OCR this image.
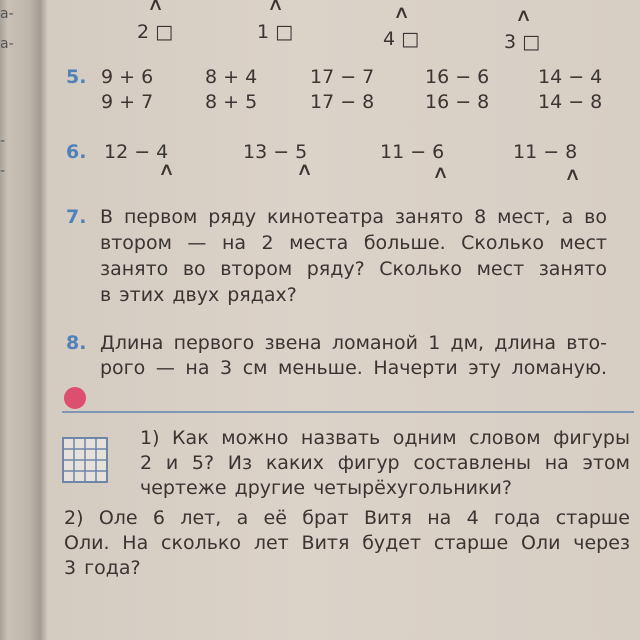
а-
а-
-
-
∧
2 □
∧
1 □
∧
4 □
∧
3 □
5. 9 + 6	8 + 4	17 − 7	16 − 6	14 − 4
9 + 7	8 + 5	17 − 8	16 − 8	14 − 8
6. 12 − 4
∧
13 − 5
∧
11 − 6
∧
11 − 8
∧
7. В первом ряду кинотеатра занято 8 мест, а во
втором — на 2 места больше. Сколько мест
занято во втором ряду? Сколько мест занято
в этих двух рядах?
8. Длина первого звена ломаной 1 дм, длина вто-
рого — на 3 см меньше. Начерти эту ломаную.
1) Как можно назвать одним словом фигуры
2 и 5? Из каких фигур составлены на этом
чертеже другие четырёхугольники?
2) Оле 6 лет, а её брат Витя на 4 года старше
Оли. На сколько лет Витя будет старше Оли через
3 года?
